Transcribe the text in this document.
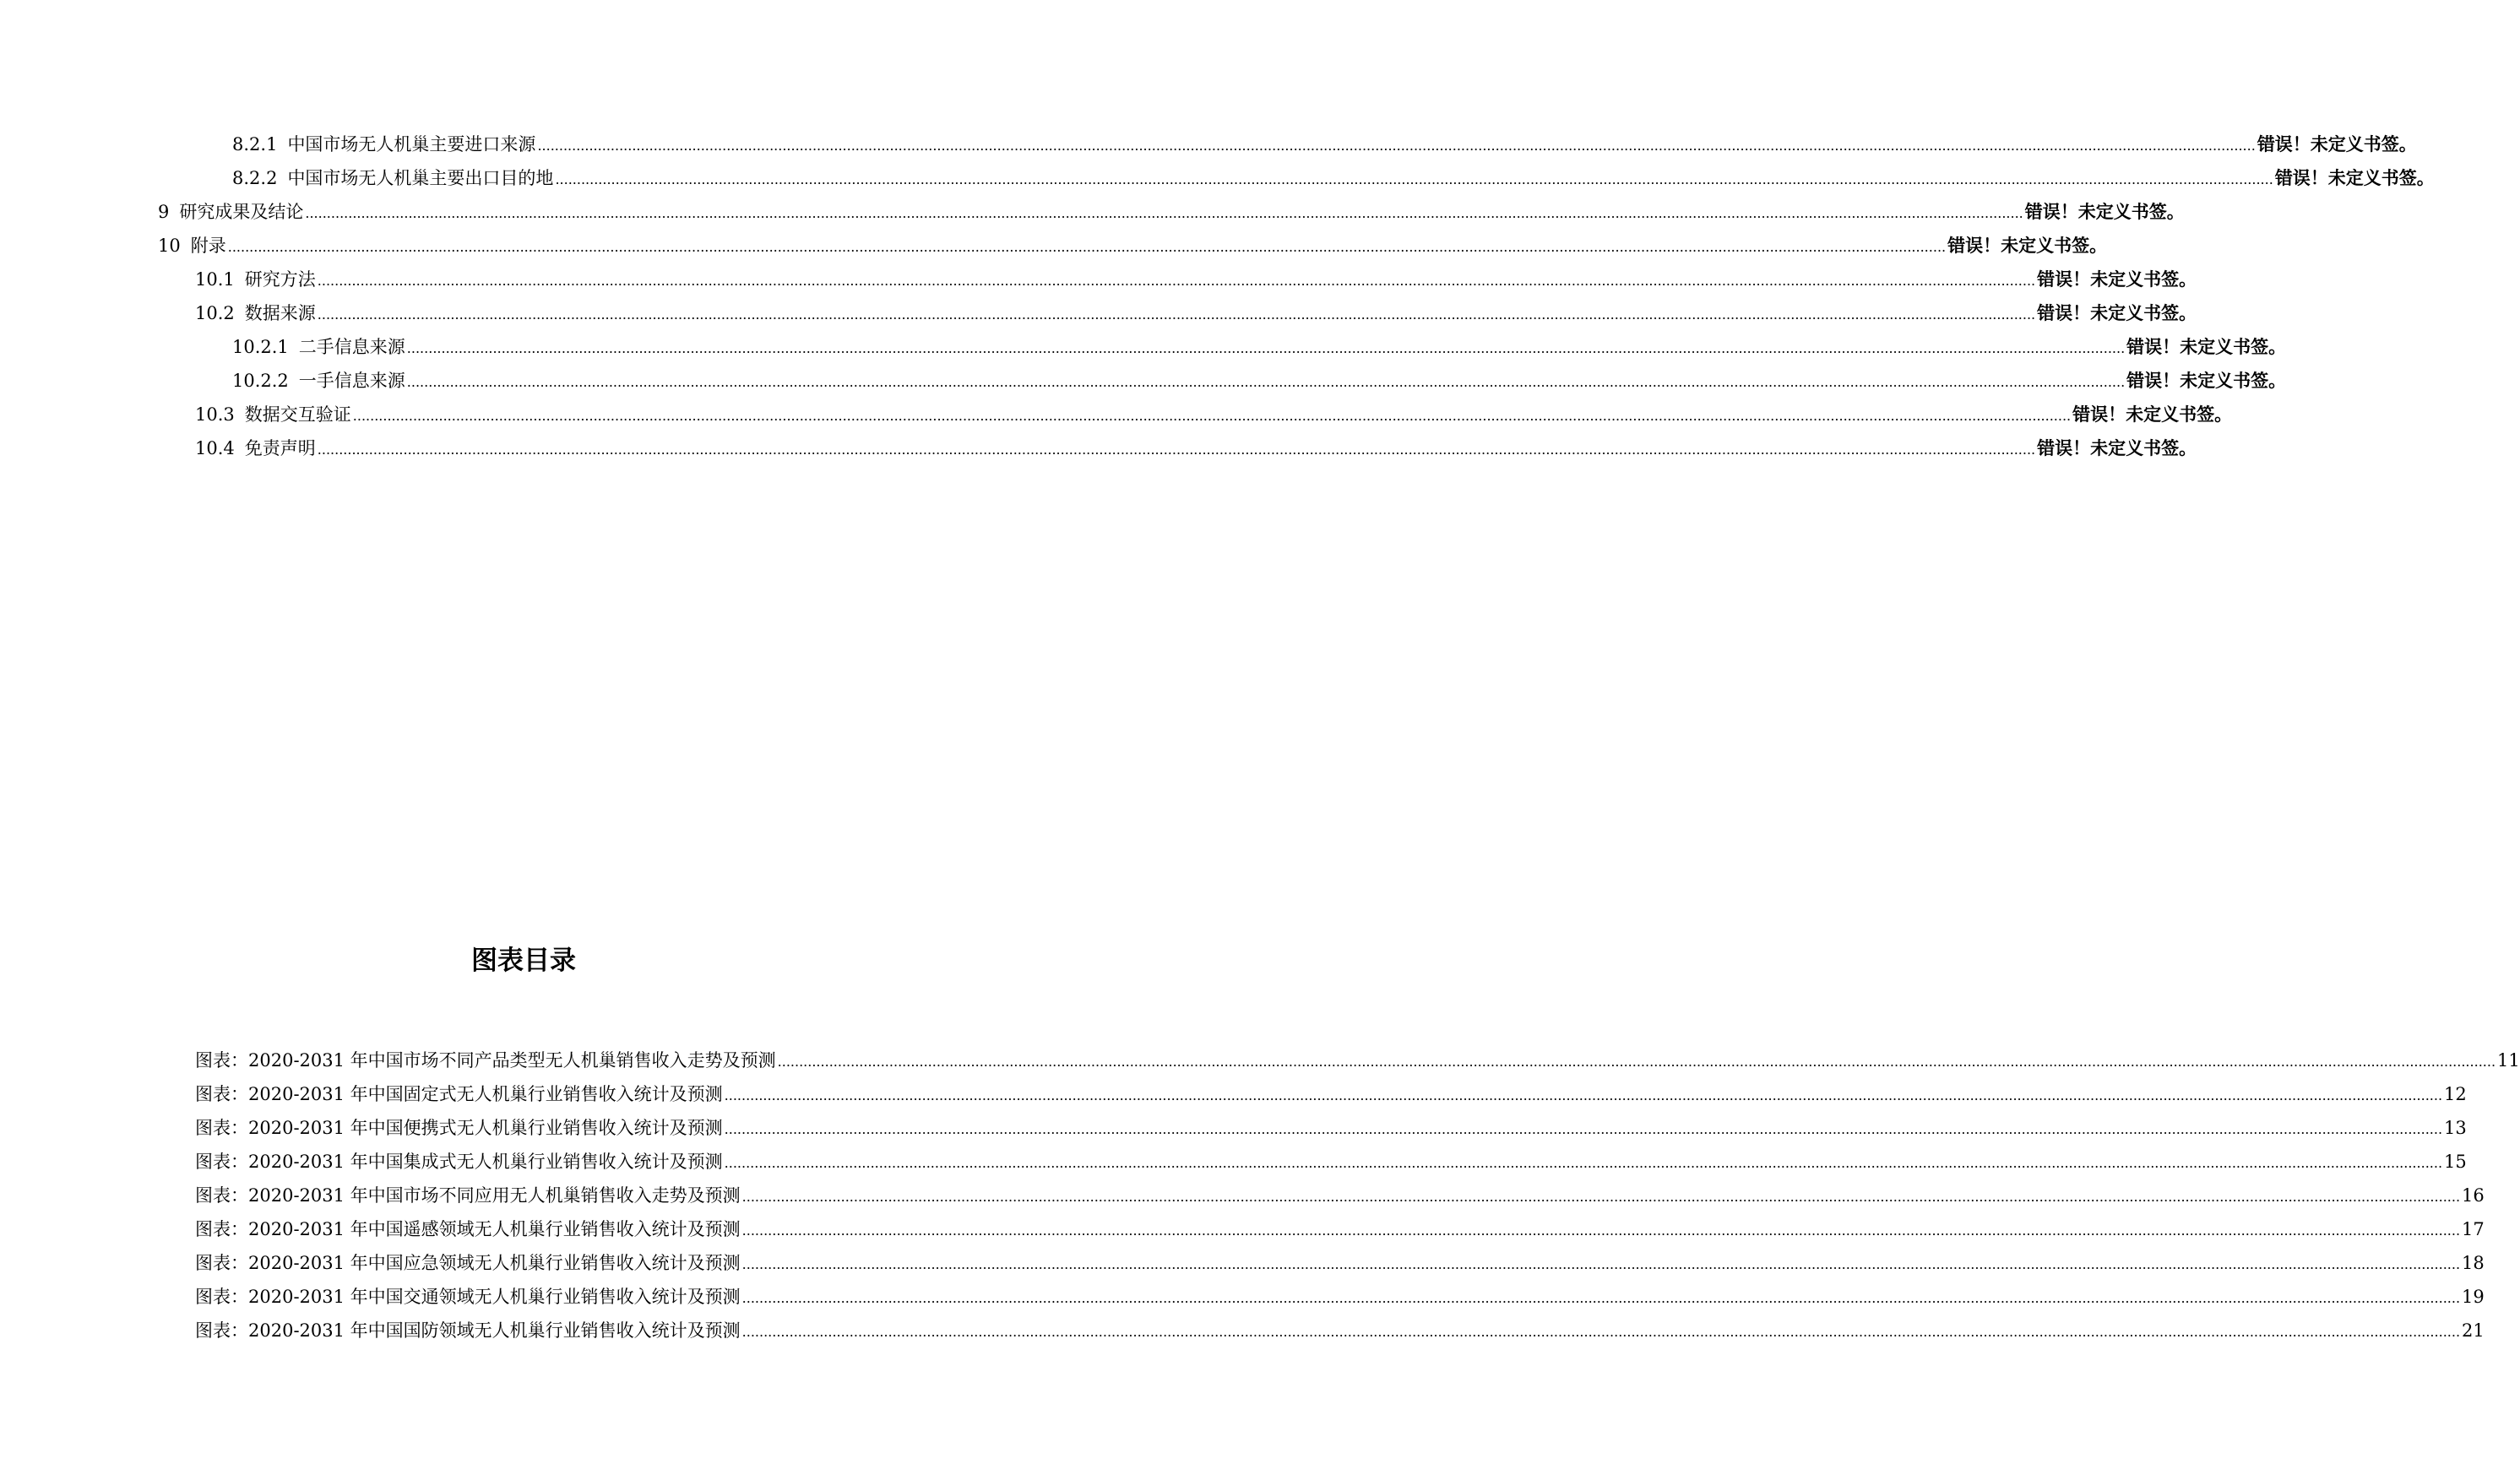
8.2.1 中国市场无人机巢主要进口来源 ................................................................................................................................................................................................................................................................................................................................................................................................................ 错误！未定义书签。
8.2.2 中国市场无人机巢主要出口目的地 ................................................................................................................................................................................................................................................................................................................................................................................................................ 错误！未定义书签。
9 研究成果及结论 ................................................................................................................................................................................................................................................................................................................................................................................................................ 错误！未定义书签。
10 附录 ................................................................................................................................................................................................................................................................................................................................................................................................................ 错误！未定义书签。
10.1 研究方法 ................................................................................................................................................................................................................................................................................................................................................................................................................ 错误！未定义书签。
10.2 数据来源 ................................................................................................................................................................................................................................................................................................................................................................................................................ 错误！未定义书签。
10.2.1 二手信息来源 ................................................................................................................................................................................................................................................................................................................................................................................................................ 错误！未定义书签。
10.2.2 一手信息来源 ................................................................................................................................................................................................................................................................................................................................................................................................................ 错误！未定义书签。
10.3 数据交互验证 ................................................................................................................................................................................................................................................................................................................................................................................................................ 错误！未定义书签。
10.4 免责声明 ................................................................................................................................................................................................................................................................................................................................................................................................................ 错误！未定义书签。
图表目录
图表：2020-2031 年中国市场不同产品类型无人机巢销售收入走势及预测 ................................................................................................................................................................................................................................................................................................................................................................................................................ 11
图表：2020-2031 年中国固定式无人机巢行业销售收入统计及预测 ................................................................................................................................................................................................................................................................................................................................................................................................................ 12
图表：2020-2031 年中国便携式无人机巢行业销售收入统计及预测 ................................................................................................................................................................................................................................................................................................................................................................................................................ 13
图表：2020-2031 年中国集成式无人机巢行业销售收入统计及预测 ................................................................................................................................................................................................................................................................................................................................................................................................................ 15
图表：2020-2031 年中国市场不同应用无人机巢销售收入走势及预测 ................................................................................................................................................................................................................................................................................................................................................................................................................ 16
图表：2020-2031 年中国遥感领域无人机巢行业销售收入统计及预测 ................................................................................................................................................................................................................................................................................................................................................................................................................ 17
图表：2020-2031 年中国应急领域无人机巢行业销售收入统计及预测 ................................................................................................................................................................................................................................................................................................................................................................................................................ 18
图表：2020-2031 年中国交通领域无人机巢行业销售收入统计及预测 ................................................................................................................................................................................................................................................................................................................................................................................................................ 19
图表：2020-2031 年中国国防领域无人机巢行业销售收入统计及预测 ................................................................................................................................................................................................................................................................................................................................................................................................................ 21
